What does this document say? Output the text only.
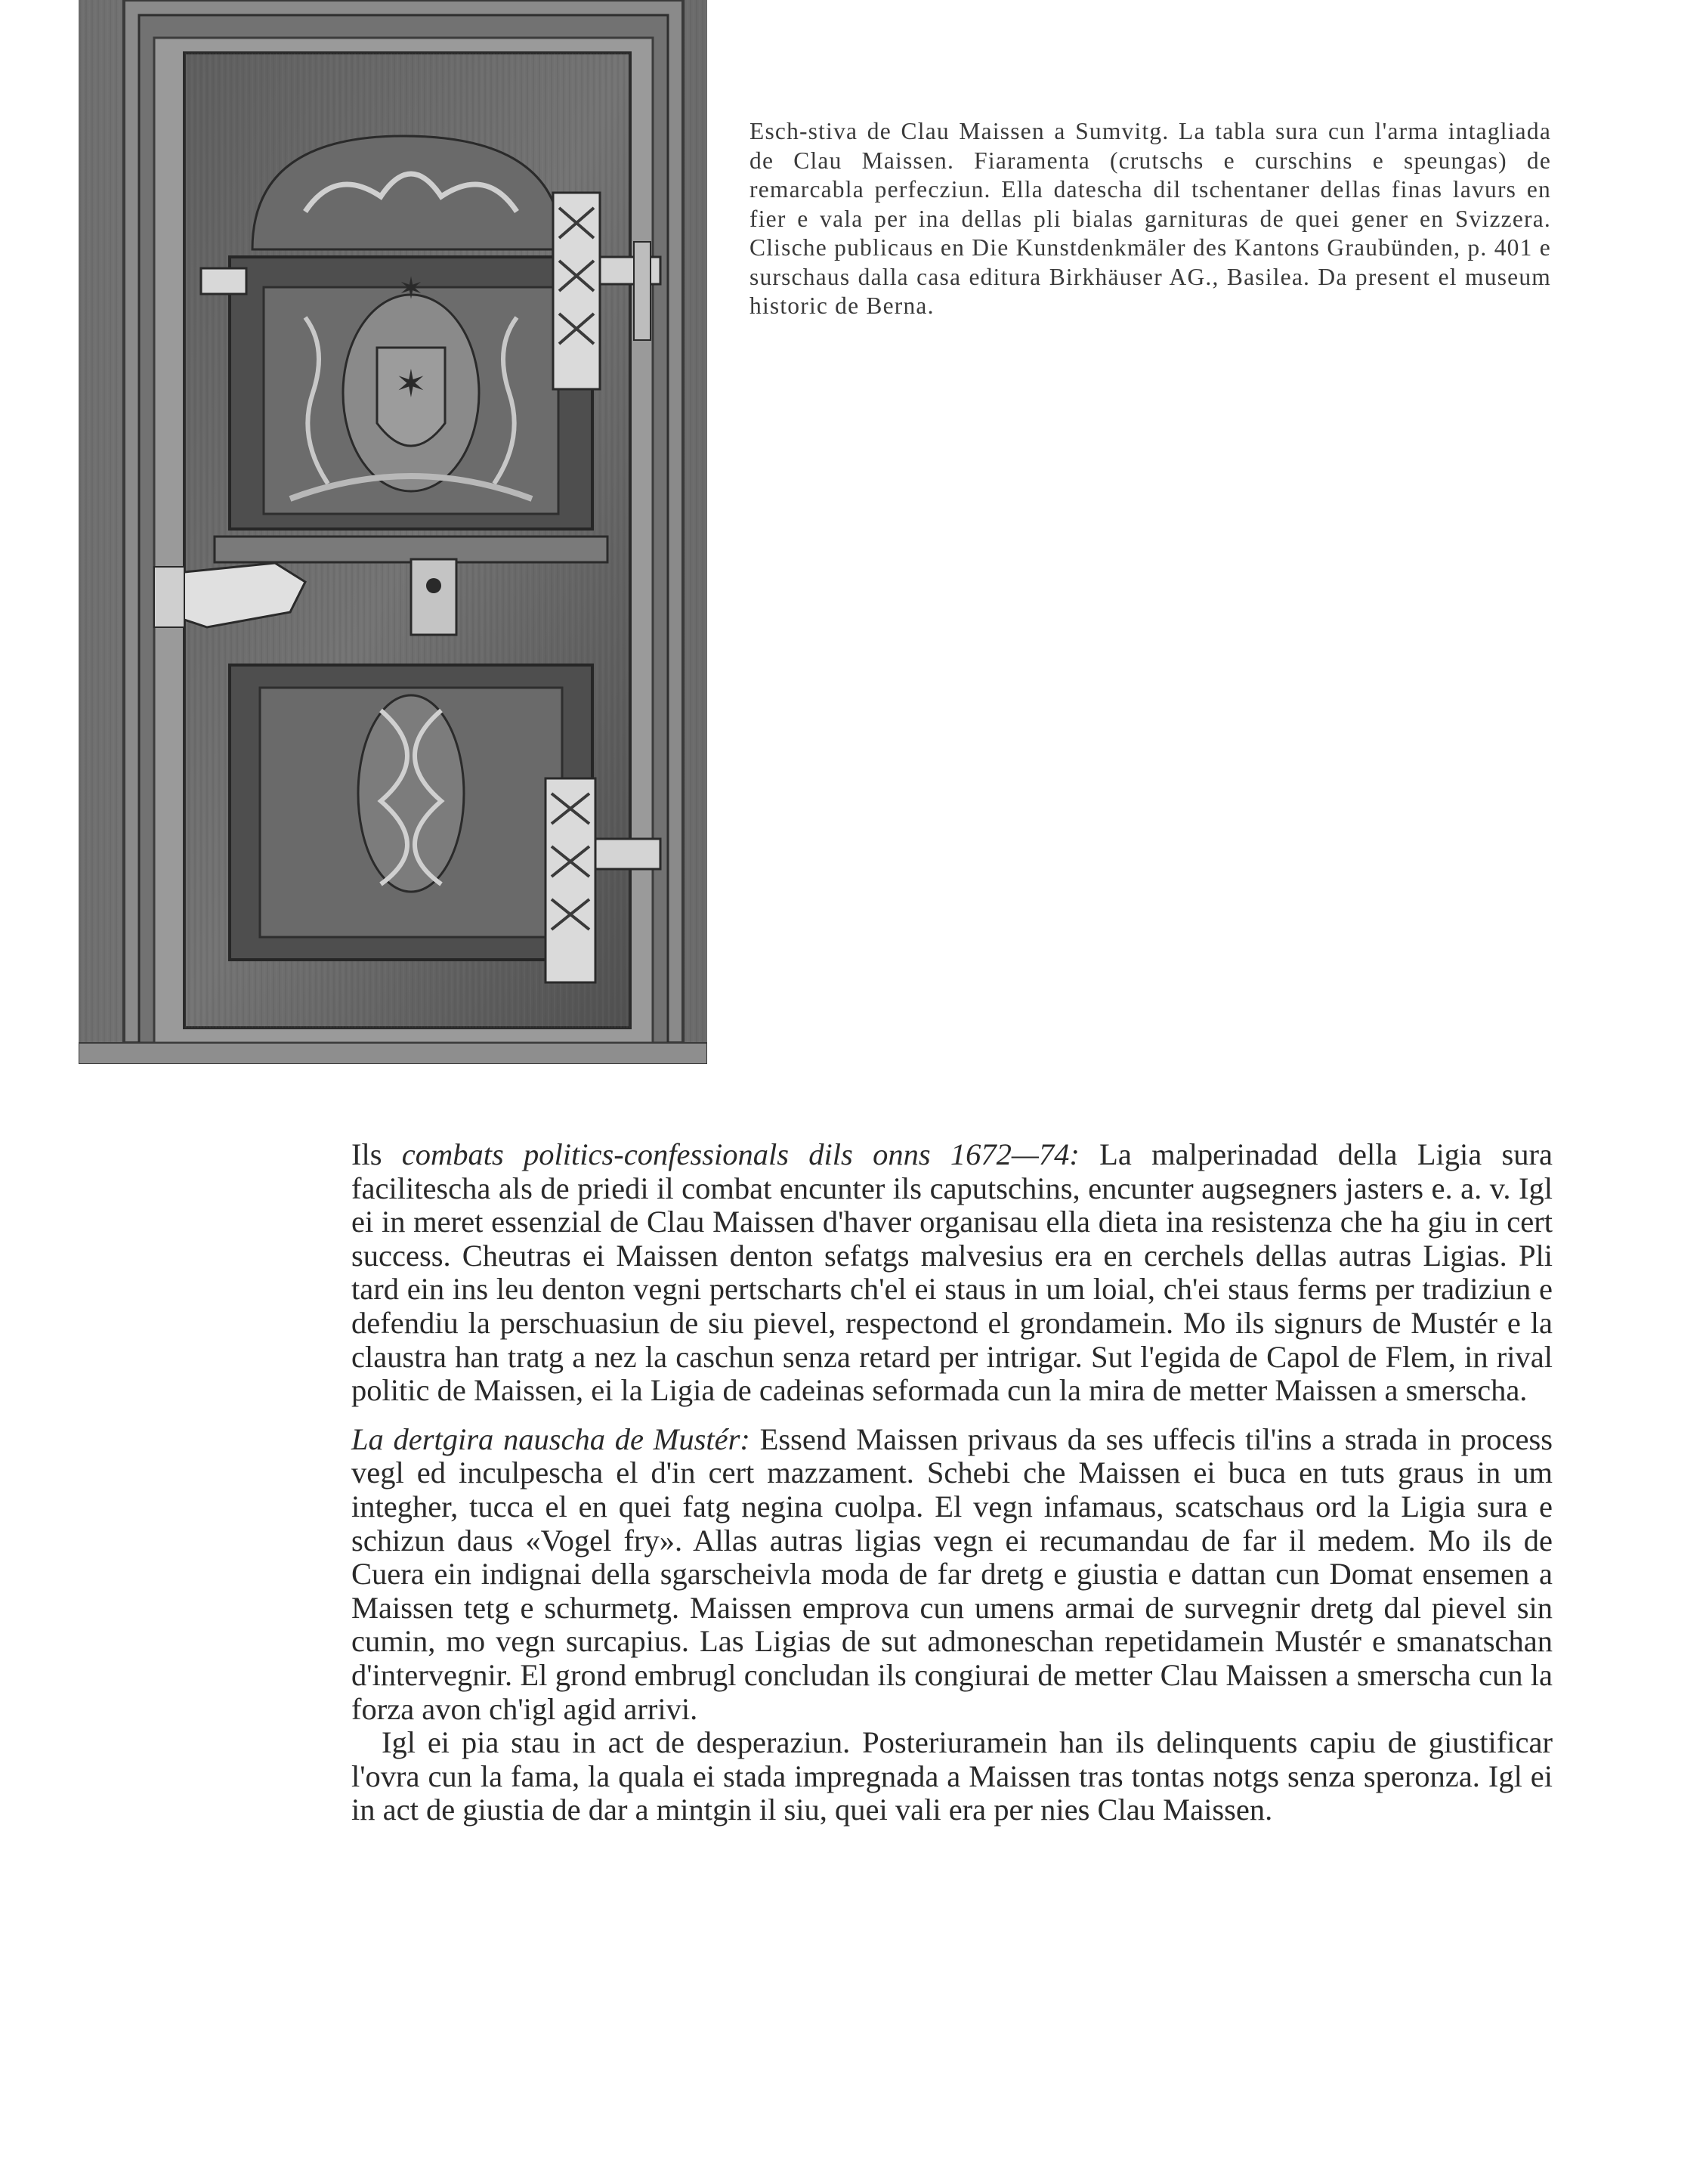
✶
✶

Esch-stiva de Clau Maissen a Sumvitg. La tabla sura cun l'arma intagliada de Clau Maissen. Fiaramenta (crutschs e curschins e speungas) de remarcabla perfecziun. Ella datescha dil tschentaner dellas finas lavurs en fier e vala per ina dellas pli bialas garnituras de quei gener en Svizzera. Clische publicaus en Die Kunstdenkmäler des Kantons Graubünden, p. 401 e surschaus dalla casa editura Birkhäuser AG., Basilea. Da present el museum historic de Berna.

Ils combats politics-confessionals dils onns 1672—74: La malperinadad della Ligia sura facilitescha als de priedi il combat encunter ils caputschins, encunter augsegners jasters e. a. v. Igl ei in meret essenzial de Clau Maissen d'haver organisau ella dieta ina resistenza che ha giu in cert success. Cheutras ei Maissen denton sefatgs malvesius era en cerchels dellas autras Ligias. Pli tard ein ins leu denton vegni pertscharts ch'el ei staus in um loial, ch'ei staus ferms per tradiziun e defendiu la perschuasiun de siu pievel, respectond el grondamein. Mo ils signurs de Mustér e la claustra han tratg a nez la caschun senza retard per intrigar. Sut l'egida de Capol de Flem, in rival politic de Maissen, ei la Ligia de cadeinas seformada cun la mira de metter Maissen a smerscha.

La dertgira nauscha de Mustér: Essend Maissen privaus da ses uffecis til'ins a strada in process vegl ed inculpescha el d'in cert mazzament. Schebi che Maissen ei buca en tuts graus in um integher, tucca el en quei fatg negina cuolpa. El vegn infamaus, scatschaus ord la Ligia sura e schizun daus «Vogel fry». Allas autras ligias vegn ei recumandau de far il medem. Mo ils de Cuera ein indignai della sgarscheivla moda de far dretg e giustia e dattan cun Domat ensemen a Maissen tetg e schurmetg. Maissen emprova cun umens armai de survegnir dretg dal pievel sin cumin, mo vegn surcapius. Las Ligias de sut admoneschan repetidamein Mustér e smanatschan d'intervegnir. El grond embrugl concludan ils congiurai de metter Clau Maissen a smerscha cun la forza avon ch'igl agid arrivi.

Igl ei pia stau in act de desperaziun. Posteriuramein han ils delinquents capiu de giustificar l'ovra cun la fama, la quala ei stada impregnada a Maissen tras tontas notgs senza speronza. Igl ei in act de giustia de dar a mintgin il siu, quei vali era per nies Clau Maissen.
